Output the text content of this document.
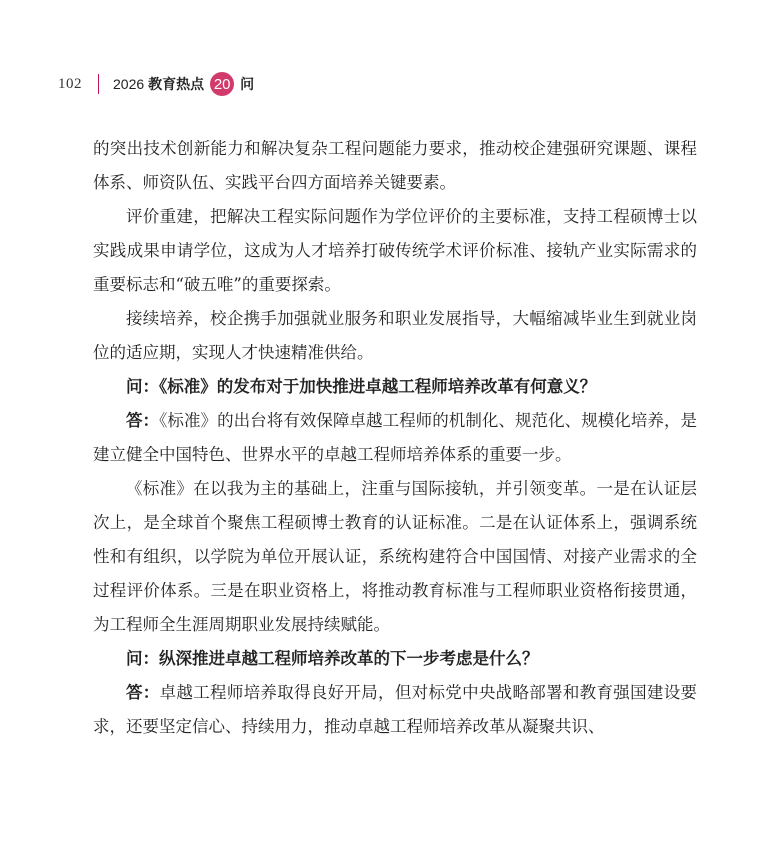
102 2026 教育热点 20 问

的突出技术创新能力和解决复杂工程问题能力要求，推动校企建强研究课题、课程体系、师资队伍、实践平台四方面培养关键要素。

评价重建，把解决工程实际问题作为学位评价的主要标准，支持工程硕博士以实践成果申请学位，这成为人才培养打破传统学术评价标准、接轨产业实际需求的重要标志和“破五唯”的重要探索。

接续培养，校企携手加强就业服务和职业发展指导，大幅缩减毕业生到就业岗位的适应期，实现人才快速精准供给。

问：《标准》的发布对于加快推进卓越工程师培养改革有何意义？

答：《标准》的出台将有效保障卓越工程师的机制化、规范化、规模化培养，是建立健全中国特色、世界水平的卓越工程师培养体系的重要一步。

《标准》在以我为主的基础上，注重与国际接轨，并引领变革。一是在认证层次上，是全球首个聚焦工程硕博士教育的认证标准。二是在认证体系上，强调系统性和有组织，以学院为单位开展认证，系统构建符合中国国情、对接产业需求的全过程评价体系。三是在职业资格上，将推动教育标准与工程师职业资格衔接贯通，为工程师全生涯周期职业发展持续赋能。

问：纵深推进卓越工程师培养改革的下一步考虑是什么？

答：卓越工程师培养取得良好开局，但对标党中央战略部署和教育强国建设要求，还要坚定信心、持续用力，推动卓越工程师培养改革从凝聚共识、
